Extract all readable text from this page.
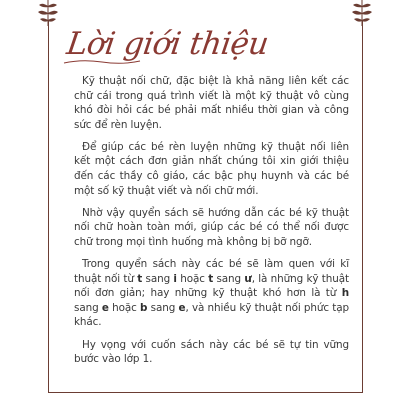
Lời giới thiệu

Kỹ thuật nối chữ, đặc biệt là khả năng liên kết các chữ cái trong quá trình viết là một kỹ thuật vô cùng khó đòi hỏi các bé phải mất nhiều thời gian và công sức để rèn luyện.

Để giúp các bé rèn luyện những kỹ thuật nối liên kết một cách đơn giản nhất chúng tôi xin giới thiệu đến các thầy cô giáo, các bậc phụ huynh và các bé một số kỹ thuật viết và nối chữ mới.

Nhờ vậy quyển sách sẽ hướng dẫn các bé kỹ thuật nối chữ hoàn toàn mới, giúp các bé có thể nối được chữ trong mọi tình huống mà không bị bỡ ngỡ.

Trong quyển sách này các bé sẽ làm quen với kĩ thuật nối từ t sang i hoặc t sang ư, là những kỹ thuật nối đơn giản; hay những kỹ thuật khó hơn là từ h sang e hoặc b sang e, và nhiều kỹ thuật nối phức tạp khác.

Hy vọng với cuốn sách này các bé sẽ tự tin vững bước vào lớp 1.
